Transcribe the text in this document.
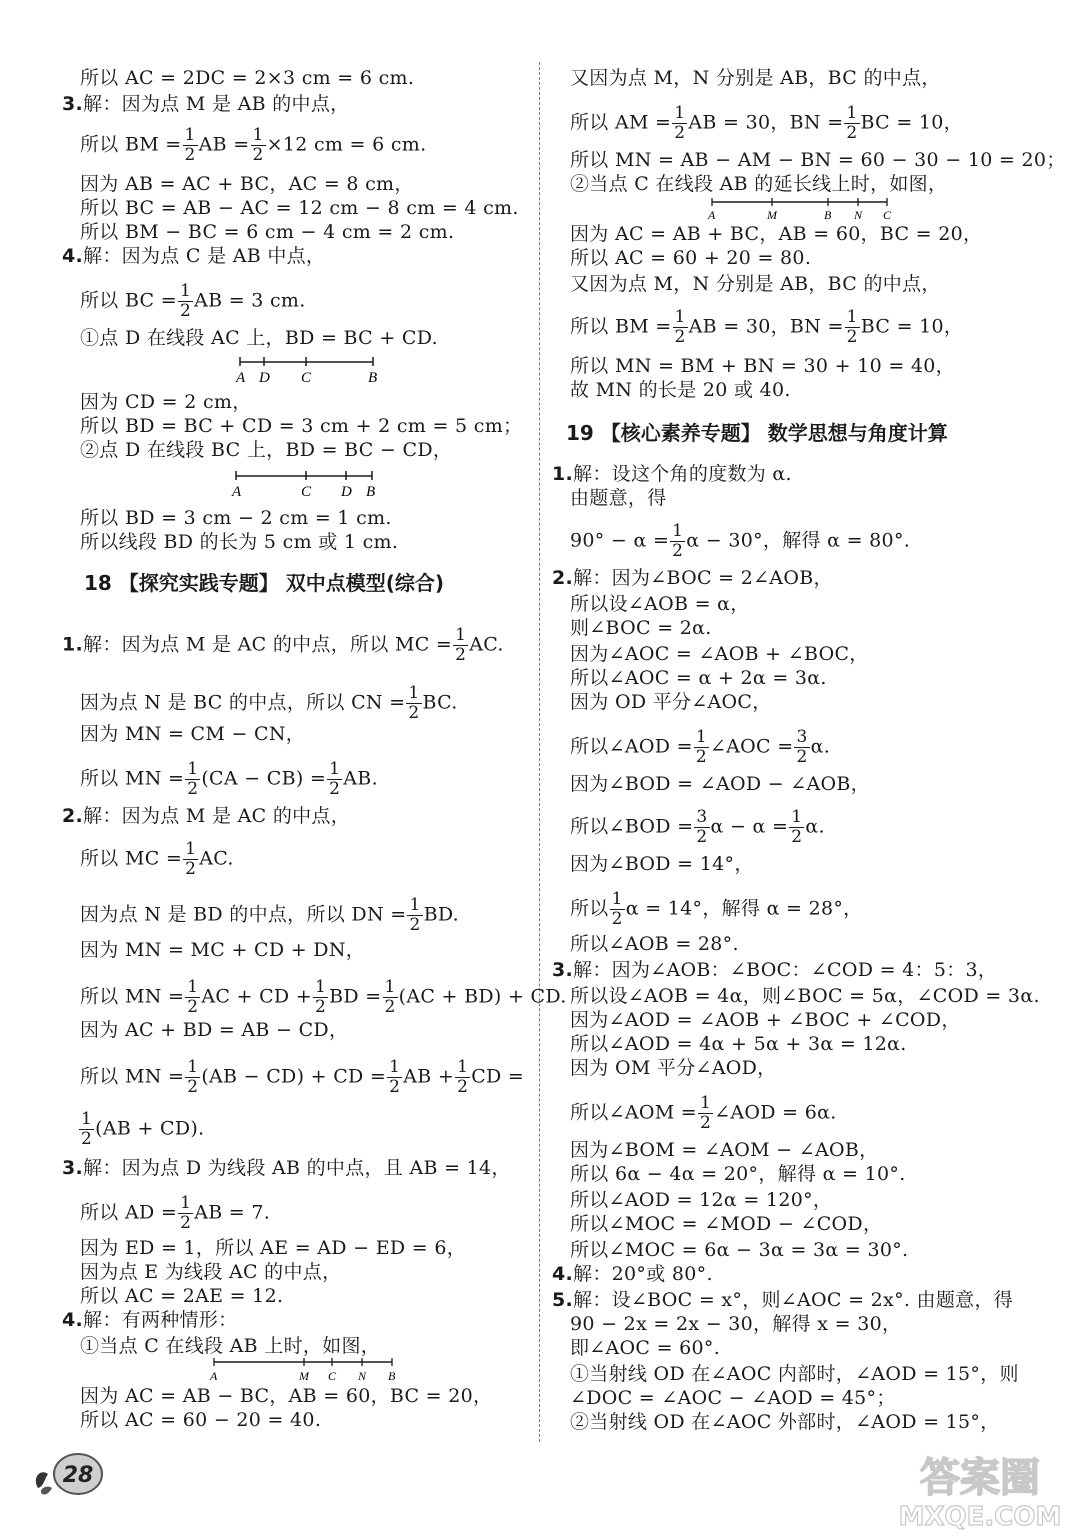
所以 AC = 2DC = 2×3 cm = 6 cm.
3.解：因为点 M 是 AB 的中点，
所以 BM = $\frac{1}{2}$ AB = $\frac{1}{2} \times 12$ cm = 6 cm.
因为 AB = AC + BC，AC = 8 cm，
所以 BC = AB − AC = 12 cm − 8 cm = 4 cm.
所以 BM − BC = 6 cm − 4 cm = 2 cm.
4.解：因为点 C 是 AB 中点，
所以 BC = $\frac{1}{2}$ AB = 3 cm.
①点 D 在线段 AC 上，BD = BC + CD.
A D C	B
因为 CD = 2 cm，
所以 BD = BC + CD = 3 cm + 2 cm = 5 cm；
②点 D 在线段 BC 上，BD = BC − CD，
A	C D B
所以 BD = 3 cm − 2 cm = 1 cm.
所以线段 BD 的长为 5 cm 或 1 cm.
18 【探究实践专题】 双中点模型(综合)
1.解：因为点 M 是 AC 的中点，所以 MC = $\frac{1}{2}$ AC.
因为点 N 是 BC 的中点，所以 CN = $\frac{1}{2}$ BC.
因为 MN = CM − CN，
所以 MN = $\frac{1}{2} (CA - CB) = \frac{1}{2}$ AB.
2.解：因为点 M 是 AC 的中点，
所以 MC = $\frac{1}{2}$ AC.
因为点 N 是 BD 的中点，所以 DN = $\frac{1}{2}$ BD.
因为 MN = MC + CD + DN，
所以 MN = $\frac{1}{2}$ AC + CD + $\frac{1}{2}$ BD = $\frac{1}{2} (AC + BD)$ + CD.
因为 AC + BD = AB − CD，
所以 MN = $\frac{1}{2} (AB - CD)$ + CD = $\frac{1}{2}$ AB + $\frac{1}{2}$ CD =
$\frac{1}{2} (AB + CD)$.
3.解：因为点 D 为线段 AB 的中点，且 AB = 14，
所以 AD = $\frac{1}{2}$ AB = 7.
因为 ED = 1，所以 AE = AD − ED = 6，
因为点 E 为线段 AC 的中点，
所以 AC = 2AE = 12.
4.解：有两种情形：
①当点 C 在线段 AB 上时，如图，
A	M C N B
因为 AC = AB − BC，AB = 60，BC = 20，
所以 AC = 60 − 20 = 40.
又因为点 M，N 分别是 AB，BC 的中点，
所以 AM = $\frac{1}{2}$ AB = 30，BN = $\frac{1}{2}$ BC = 10，
所以 MN = AB − AM − BN = 60 − 30 − 10 = 20；
②当点 C 在线段 AB 的延长线上时，如图，
A	M	B N C
因为 AC = AB + BC，AB = 60，BC = 20，
所以 AC = 60 + 20 = 80.
又因为点 M，N 分别是 AB，BC 的中点，
所以 BM = $\frac{1}{2}$ AB = 30，BN = $\frac{1}{2}$ BC = 10，
所以 MN = BM + BN = 30 + 10 = 40，
故 MN 的长是 20 或 40.
19 【核心素养专题】 数学思想与角度计算
1.解：设这个角的度数为 α.
由题意，得
$90^\circ - \alpha = \frac{1}{2}$ α − 30°，解得 α = 80°.
2.解：因为∠BOC = 2∠AOB，
所以设∠AOB = α，
则∠BOC = 2α.
因为∠AOC = ∠AOB + ∠BOC，
所以∠AOC = α + 2α = 3α.
因为 OD 平分∠AOC，
所以∠AOD = $\frac{1}{2}$ ∠AOC = $\frac{3}{2} \alpha$.
因为∠BOD = ∠AOD − ∠AOB，
所以∠BOD = $\frac{3}{2}$ $\alpha - \alpha = \frac{1}{2} \alpha$.
因为∠BOD = 14°，
所以 $\frac{1}{2}$ α = 14°，解得 α = 28°，
所以∠AOB = 28°.
3.解：因为∠AOB：∠BOC：∠COD = 4：5：3，
所以设∠AOB = 4α，则∠BOC = 5α，∠COD = 3α.
因为∠AOD = ∠AOB + ∠BOC + ∠COD，
所以∠AOD = 4α + 5α + 3α = 12α.
因为 OM 平分∠AOD，
所以∠AOM = $\frac{1}{2}$ ∠AOD = 6α.
因为∠BOM = ∠AOM − ∠AOB，
所以 6α − 4α = 20°，解得 α = 10°.
所以∠AOD = 12α = 120°，
所以∠MOC = ∠MOD − ∠COD，
所以∠MOC = 6α − 3α = 3α = 30°.
4.解：20°或 80°.
5.解：设∠BOC = x°，则∠AOC = 2x°. 由题意，得
90 − 2x = 2x − 30，解得 x = 30，
即∠AOC = 60°.
①当射线 OD 在∠AOC 内部时，∠AOD = 15°，则
∠DOC = ∠AOC − ∠AOD = 45°；
②当射线 OD 在∠AOC 外部时，∠AOD = 15°，
28	答案圈
MXQE.COM
